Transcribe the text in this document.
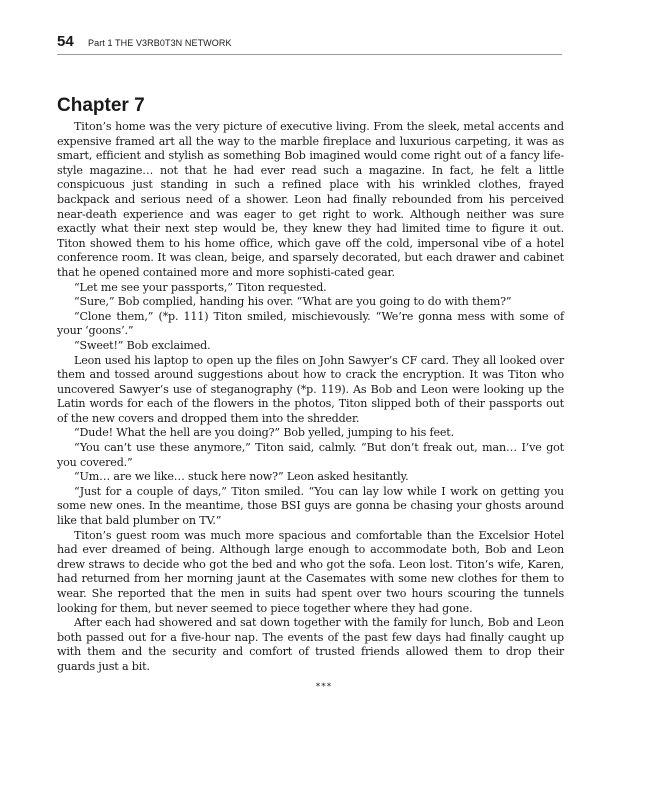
54 Part 1 THE V3RB0T3N NETWORK
Chapter 7

Titon’s home was the very picture of executive living. From the sleek, metal accents and expensive framed art all the way to the marble fireplace and luxurious carpeting, it was as smart, efficient and stylish as something Bob imagined would come right out of a fancy life-style magazine… not that he had ever read such a magazine. In fact, he felt a little conspicuous just standing in such a refined place with his wrinkled clothes, frayed backpack and serious need of a shower. Leon had finally rebounded from his perceived near-death experience and was eager to get right to work. Although neither was sure exactly what their next step would be, they knew they had limited time to figure it out. Titon showed them to his home office, which gave off the cold, impersonal vibe of a hotel conference room. It was clean, beige, and sparsely decorated, but each drawer and cabinet that he opened contained more and more sophisti-cated gear.

“Let me see your passports,” Titon requested.

“Sure,” Bob complied, handing his over. “What are you going to do with them?”

“Clone them,” (*p. 111) Titon smiled, mischievously. “We’re gonna mess with some of your ‘goons’.”

“Sweet!” Bob exclaimed.

Leon used his laptop to open up the files on John Sawyer’s CF card. They all looked over them and tossed around suggestions about how to crack the encryption. It was Titon who uncovered Sawyer’s use of steganography (*p. 119). As Bob and Leon were looking up the Latin words for each of the flowers in the photos, Titon slipped both of their passports out of the new covers and dropped them into the shredder.

“Dude! What the hell are you doing?” Bob yelled, jumping to his feet.

“You can’t use these anymore,” Titon said, calmly. “But don’t freak out, man… I’ve got you covered.”

“Um… are we like… stuck here now?” Leon asked hesitantly.

“Just for a couple of days,” Titon smiled. “You can lay low while I work on getting you some new ones. In the meantime, those BSI guys are gonna be chasing your ghosts around like that bald plumber on TV.”

Titon’s guest room was much more spacious and comfortable than the Excelsior Hotel had ever dreamed of being. Although large enough to accommodate both, Bob and Leon drew straws to decide who got the bed and who got the sofa. Leon lost. Titon’s wife, Karen, had returned from her morning jaunt at the Casemates with some new clothes for them to wear. She reported that the men in suits had spent over two hours scouring the tunnels looking for them, but never seemed to piece together where they had gone.

After each had showered and sat down together with the family for lunch, Bob and Leon both passed out for a five-hour nap. The events of the past few days had finally caught up with them and the security and comfort of trusted friends allowed them to drop their guards just a bit.

***
